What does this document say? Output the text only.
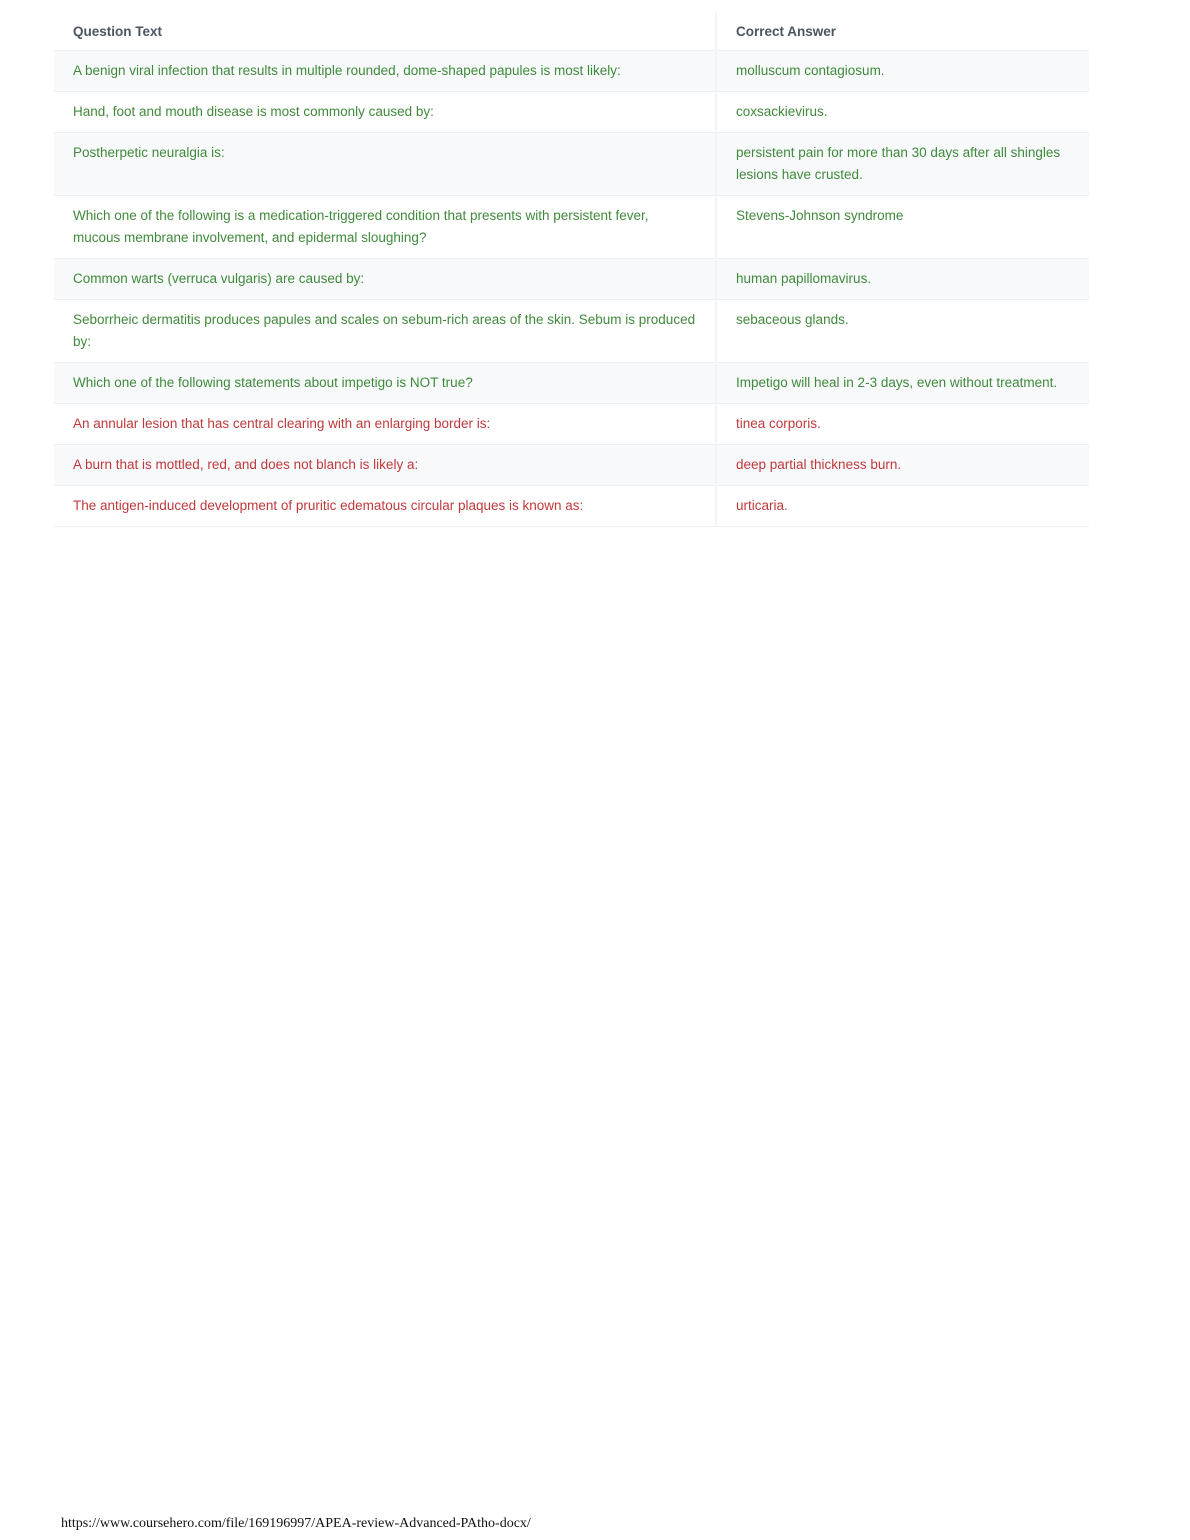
Question Text	Correct Answer
A benign viral infection that results in multiple rounded, dome-shaped papules is most likely:	molluscum contagiosum.
Hand, foot and mouth disease is most commonly caused by:	coxsackievirus.
Postherpetic neuralgia is:	persistent pain for more than 30 days after all shingles lesions have crusted.
Which one of the following is a medication-triggered condition that presents with persistent fever, mucous membrane involvement, and epidermal sloughing?	Stevens-Johnson syndrome
Common warts (verruca vulgaris) are caused by:	human papillomavirus.
Seborrheic dermatitis produces papules and scales on sebum-rich areas of the skin. Sebum is produced by:	sebaceous glands.
Which one of the following statements about impetigo is NOT true?	Impetigo will heal in 2-3 days, even without treatment.
An annular lesion that has central clearing with an enlarging border is:	tinea corporis.
A burn that is mottled, red, and does not blanch is likely a:	deep partial thickness burn.
The antigen-induced development of pruritic edematous circular plaques is known as:	urticaria.
https://www.coursehero.com/file/169196997/APEA-review-Advanced-PAtho-docx/
